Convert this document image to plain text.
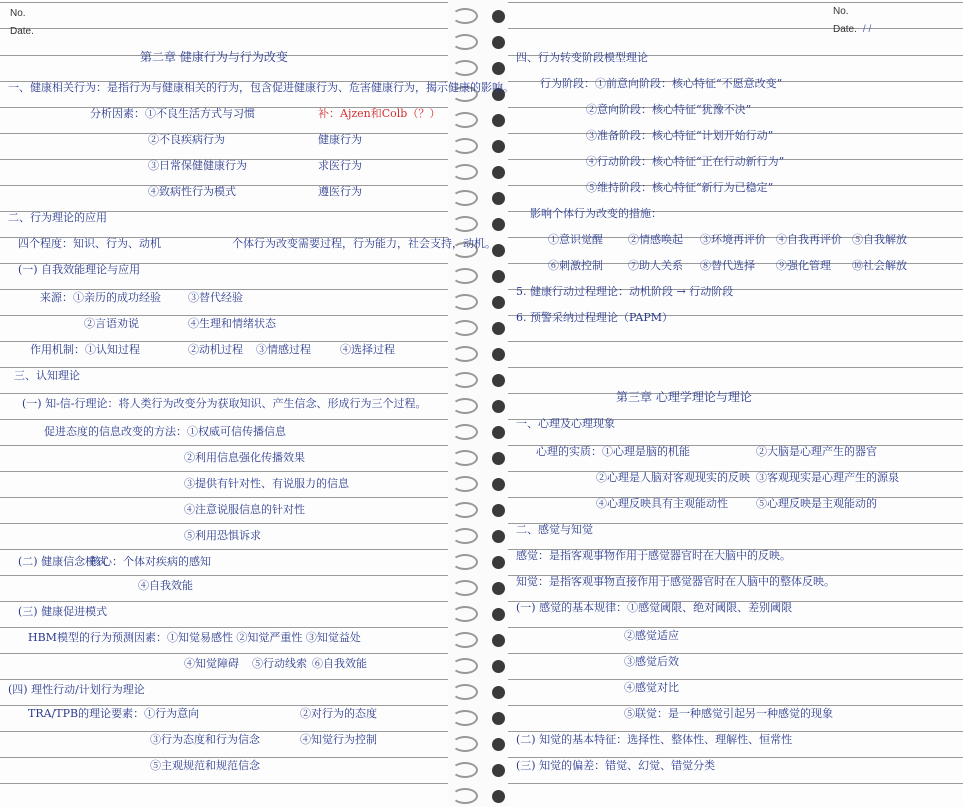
No.
Date.
No.
Date. / /
第二章 健康行为与行为改变
一、健康相关行为：是指行为与健康相关的行为，包含促进健康行为、危害健康行为，揭示健康的影响。
分析因素：①不良生活方式与习惯	补：Ajzen和Colb（？）
②不良疾病行为	健康行为
③日常保健健康行为	求医行为
④致病性行为模式	遵医行为
二、行为理论的应用
四个程度：知识、行为、动机	个体行为改变需要过程，行为能力，社会支持，动机。
(一) 自我效能理论与应用
来源：①亲历的成功经验 ③替代经验
②言语劝说	④生理和情绪状态
作用机制：①认知过程	②动机过程 ③情感过程	④选择过程
三、认知理论
(一) 知-信-行理论：将人类行为改变分为获取知识、产生信念、形成行为三个过程。
促进态度的信息改变的方法：①权威可信传播信息
②利用信息强化传播效果
③提供有针对性、有说服力的信息
④注意说服信息的针对性
⑤利用恐惧诉求
(二) 健康信念模式
核心：个体对疾病的感知
④自我效能
(三) 健康促进模式
HBM模型的行为预测因素：①知觉易感性 ②知觉严重性 ③知觉益处
④知觉障碍 ⑤行动线索 ⑥自我效能
(四) 理性行动/计划行为理论
TRA/TPB的理论要素：①行为意向	②对行为的态度
③行为态度和行为信念	④知觉行为控制
⑤主观规范和规范信念
四、行为转变阶段模型理论
行为阶段：①前意向阶段：核心特征“不愿意改变”
②意向阶段：核心特征“犹豫不决”
③准备阶段：核心特征“计划开始行动”
④行动阶段：核心特征“正在行动新行为”
⑤维持阶段：核心特征“新行为已稳定”
影响个体行为改变的措施：
①意识觉醒 ②情感唤起 ③环境再评价 ④自我再评价 ⑤自我解放
⑥刺激控制 ⑦助人关系 ⑧替代选择 ⑨强化管理 ⑩社会解放
5. 健康行动过程理论：动机阶段 → 行动阶段
6. 预警采纳过程理论（PAPM）
第三章 心理学理论与理论
一、心理及心理现象
心理的实质：①心理是脑的机能	②大脑是心理产生的器官
②心理是人脑对客观现实的反映 ③客观现实是心理产生的源泉
④心理反映具有主观能动性	⑤心理反映是主观能动的
二、感觉与知觉
感觉：是指客观事物作用于感觉器官时在大脑中的反映。
知觉：是指客观事物直接作用于感觉器官时在人脑中的整体反映。
(一) 感觉的基本规律：①感觉阈限、绝对阈限、差别阈限
②感觉适应
③感觉后效
④感觉对比
⑤联觉：是一种感觉引起另一种感觉的现象
(二) 知觉的基本特征：选择性、整体性、理解性、恒常性
(三) 知觉的偏差：错觉、幻觉、错觉分类
